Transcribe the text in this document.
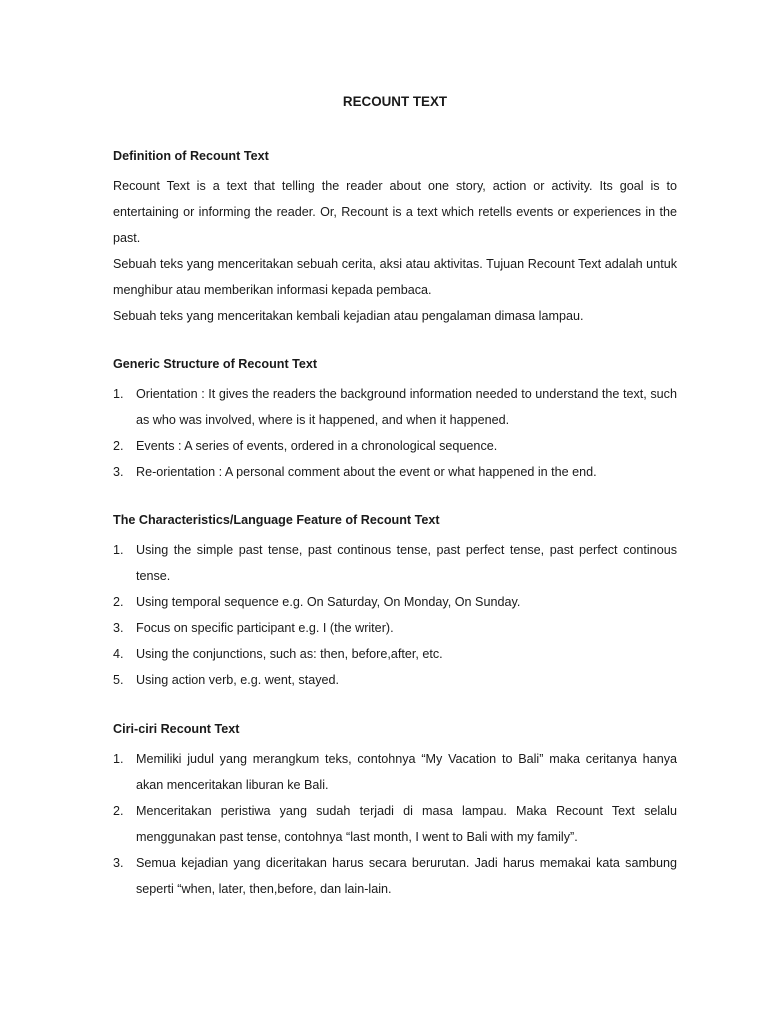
RECOUNT TEXT
Definition of Recount Text

Recount Text is a text that telling the reader about one story, action or activity. Its goal is to entertaining or informing the reader. Or, Recount is a text which retells events or experiences in the past.

Sebuah teks yang menceritakan sebuah cerita, aksi atau aktivitas. Tujuan Recount Text adalah untuk menghibur atau memberikan informasi kepada pembaca.

Sebuah teks yang menceritakan kembali kejadian atau pengalaman dimasa lampau.

Generic Structure of Recount Text
1. Orientation : It gives the readers the background information needed to understand the text, such as who was involved, where is it happened, and when it happened.
2. Events : A series of events, ordered in a chronological sequence.
3. Re-orientation : A personal comment about the event or what happened in the end.
The Characteristics/Language Feature of Recount Text
1. Using the simple past tense, past continous tense, past perfect tense, past perfect continous tense.
2. Using temporal sequence e.g. On Saturday, On Monday, On Sunday.
3. Focus on specific participant e.g. I (the writer).
4. Using the conjunctions, such as: then, before,after, etc.
5. Using action verb, e.g. went, stayed.
Ciri-ciri Recount Text
1. Memiliki judul yang merangkum teks, contohnya “My Vacation to Bali” maka ceritanya hanya akan menceritakan liburan ke Bali.
2. Menceritakan peristiwa yang sudah terjadi di masa lampau. Maka Recount Text selalu menggunakan past tense, contohnya “last month, I went to Bali with my family”.
3. Semua kejadian yang diceritakan harus secara berurutan. Jadi harus memakai kata sambung seperti “when, later, then,before, dan lain-lain.
